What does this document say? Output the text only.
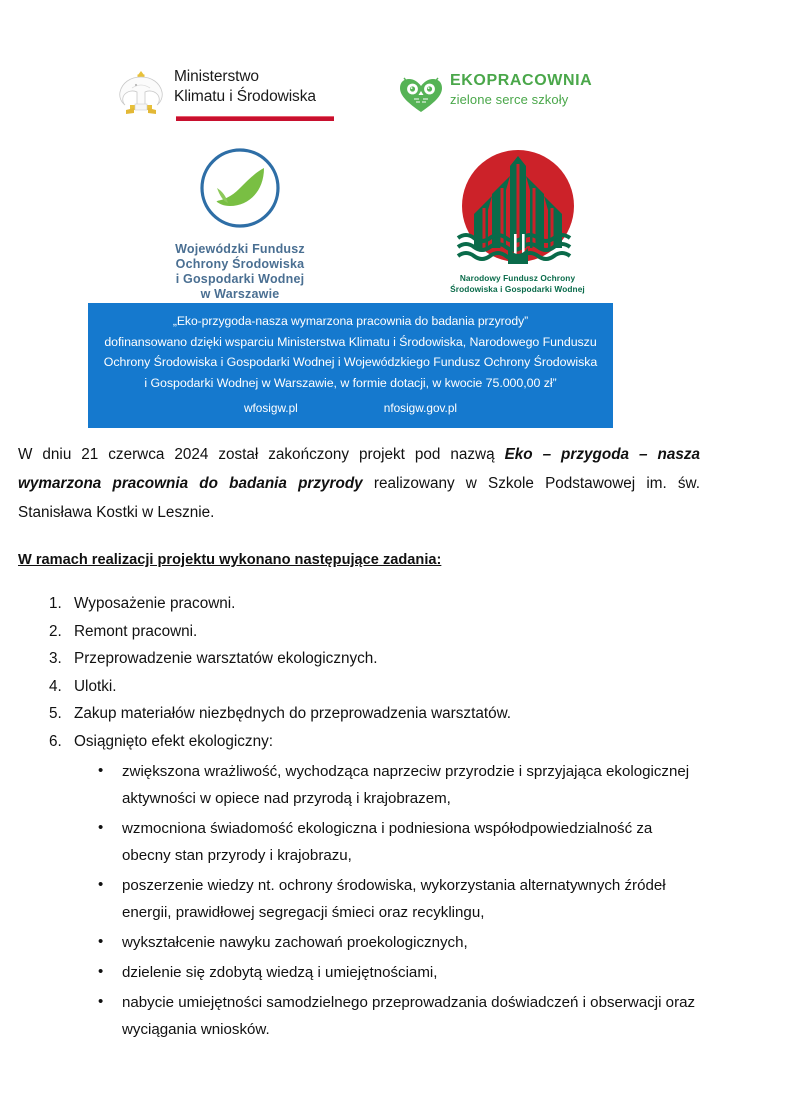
Ministerstwo
Klimatu i Środowiska
EKOPRACOWNIA
zielone serce szkoły
Wojewódzki Fundusz
Ochrony Środowiska
i Gospodarki Wodnej
w Warszawie
Narodowy Fundusz Ochrony
Środowiska i Gospodarki Wodnej
„Eko-przygoda-nasza wymarzona pracownia do badania przyrody”
dofinansowano dzięki wsparciu Ministerstwa Klimatu i Środowiska, Narodowego Funduszu
Ochrony Środowiska i Gospodarki Wodnej i Wojewódzkiego Fundusz Ochrony Środowiska
i Gospodarki Wodnej w Warszawie, w formie dotacji, w kwocie 75.000,00 zł”
wfosigw.pl	nfosigw.gov.pl

W dniu 21 czerwca 2024 został zakończony projekt pod nazwą Eko – przygoda – nasza wymarzona pracownia do badania przyrody realizowany w Szkole Podstawowej im. św. Stanisława Kostki w Lesznie.

W ramach realizacji projektu wykonano następujące zadania:
1. Wyposażenie pracowni.
2. Remont pracowni.
3. Przeprowadzenie warsztatów ekologicznych.
4. Ulotki.
5. Zakup materiałów niezbędnych do przeprowadzenia warsztatów.
6. Osiągnięto efekt ekologiczny:
• zwiększona wrażliwość, wychodząca naprzeciw przyrodzie i sprzyjająca ekologicznej aktywności w opiece nad przyrodą i krajobrazem,
• wzmocniona świadomość ekologiczna i podniesiona współodpowiedzialność za obecny stan przyrody i krajobrazu,
• poszerzenie wiedzy nt. ochrony środowiska, wykorzystania alternatywnych źródeł energii, prawidłowej segregacji śmieci oraz recyklingu,
• wykształcenie nawyku zachowań proekologicznych,
• dzielenie się zdobytą wiedzą i umiejętnościami,
• nabycie umiejętności samodzielnego przeprowadzania doświadczeń i obserwacji oraz wyciągania wniosków.
